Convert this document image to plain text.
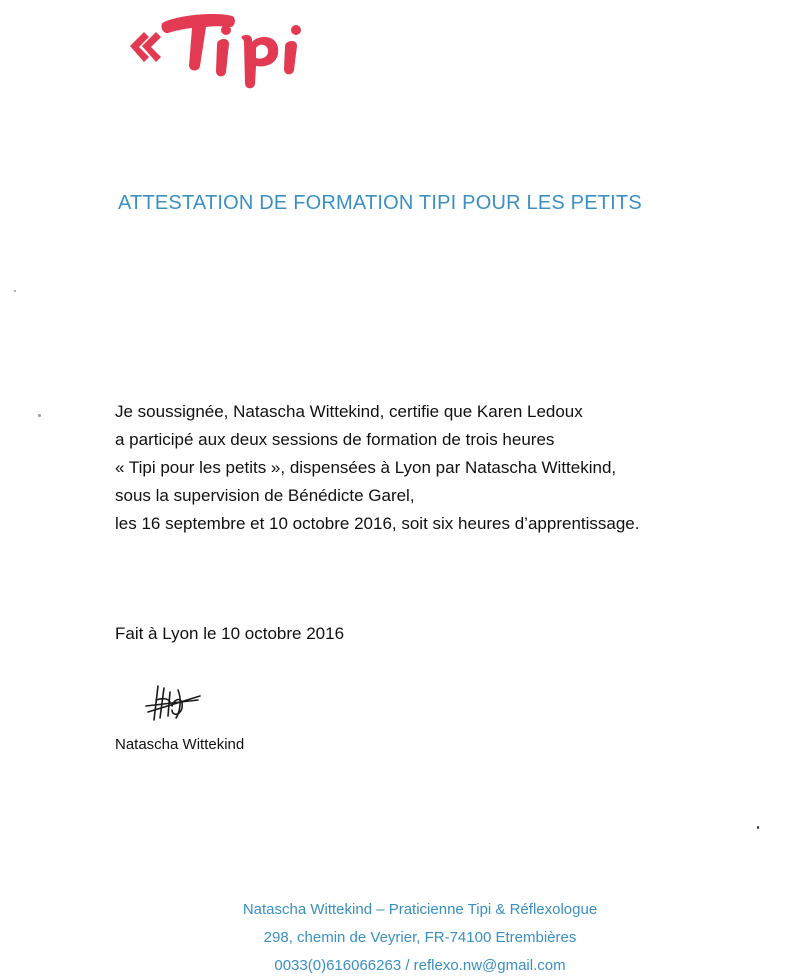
ATTESTATION DE FORMATION TIPI POUR LES PETITS
Je soussignée, Natascha Wittekind, certifie que Karen Ledoux
a participé aux deux sessions de formation de trois heures
« Tipi pour les petits », dispensées à Lyon par Natascha Wittekind,
sous la supervision de Bénédicte Garel,
les 16 septembre et 10 octobre 2016, soit six heures d’apprentissage.
Fait à Lyon le 10 octobre 2016
Natascha Wittekind
Natascha Wittekind – Praticienne Tipi & Réflexologue
298, chemin de Veyrier, FR-74100 Etrembières
0033(0)616066263 / reflexo.nw@gmail.com
